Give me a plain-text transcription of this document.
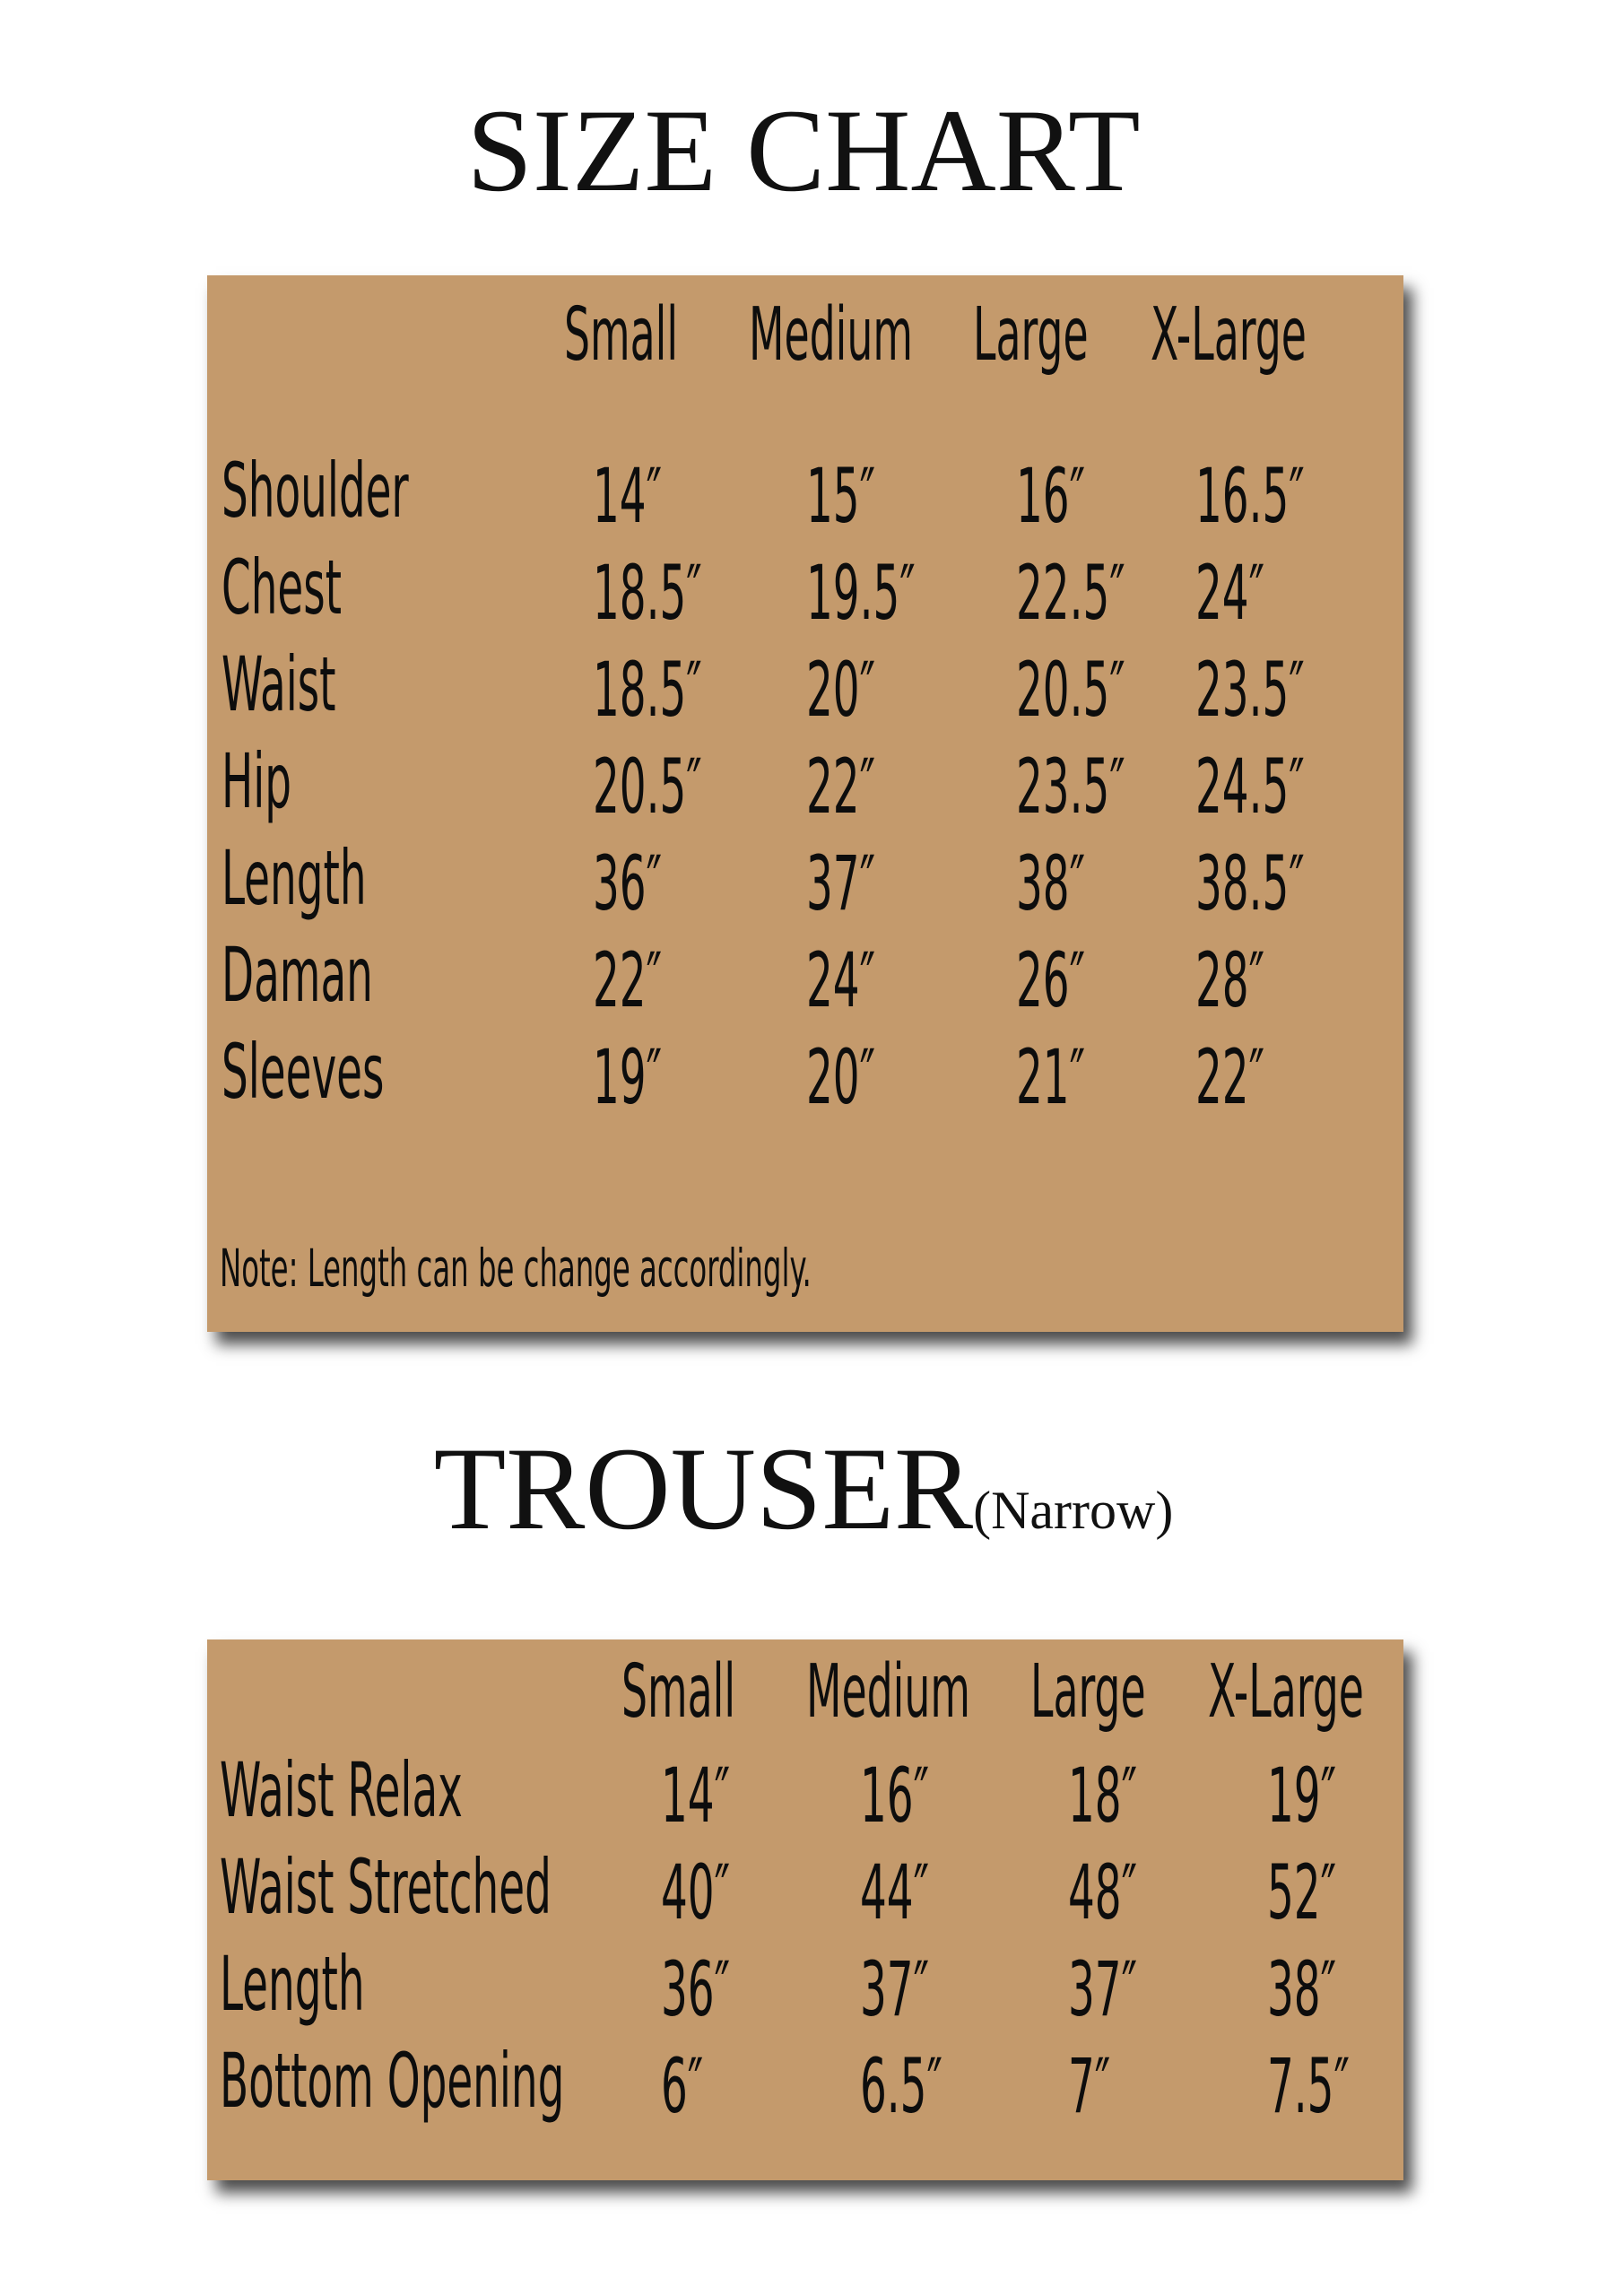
SIZE CHART
Small Medium Large X-Large
Shoulder 14″ 15″ 16″ 16.5″
Chest	18.5″ 19.5″ 22.5″ 24″
Waist	18.5″ 20″ 20.5″ 23.5″
Hip	20.5″ 22″ 23.5″ 24.5″
Length	36″ 37″ 38″ 38.5″
Daman	22″ 24″ 26″ 28″
Sleeves	19″ 20″ 21″ 22″
Note: Length can be change accordingly.
TROUSER(Narrow)
Small Medium Large X-Large
Waist Relax	14″ 16″ 18″ 19″
Waist Stretched 40″ 44″ 48″ 52″
Length	36″ 37″ 37″ 38″
Bottom Opening 6″ 6.5″ 7″ 7.5″
